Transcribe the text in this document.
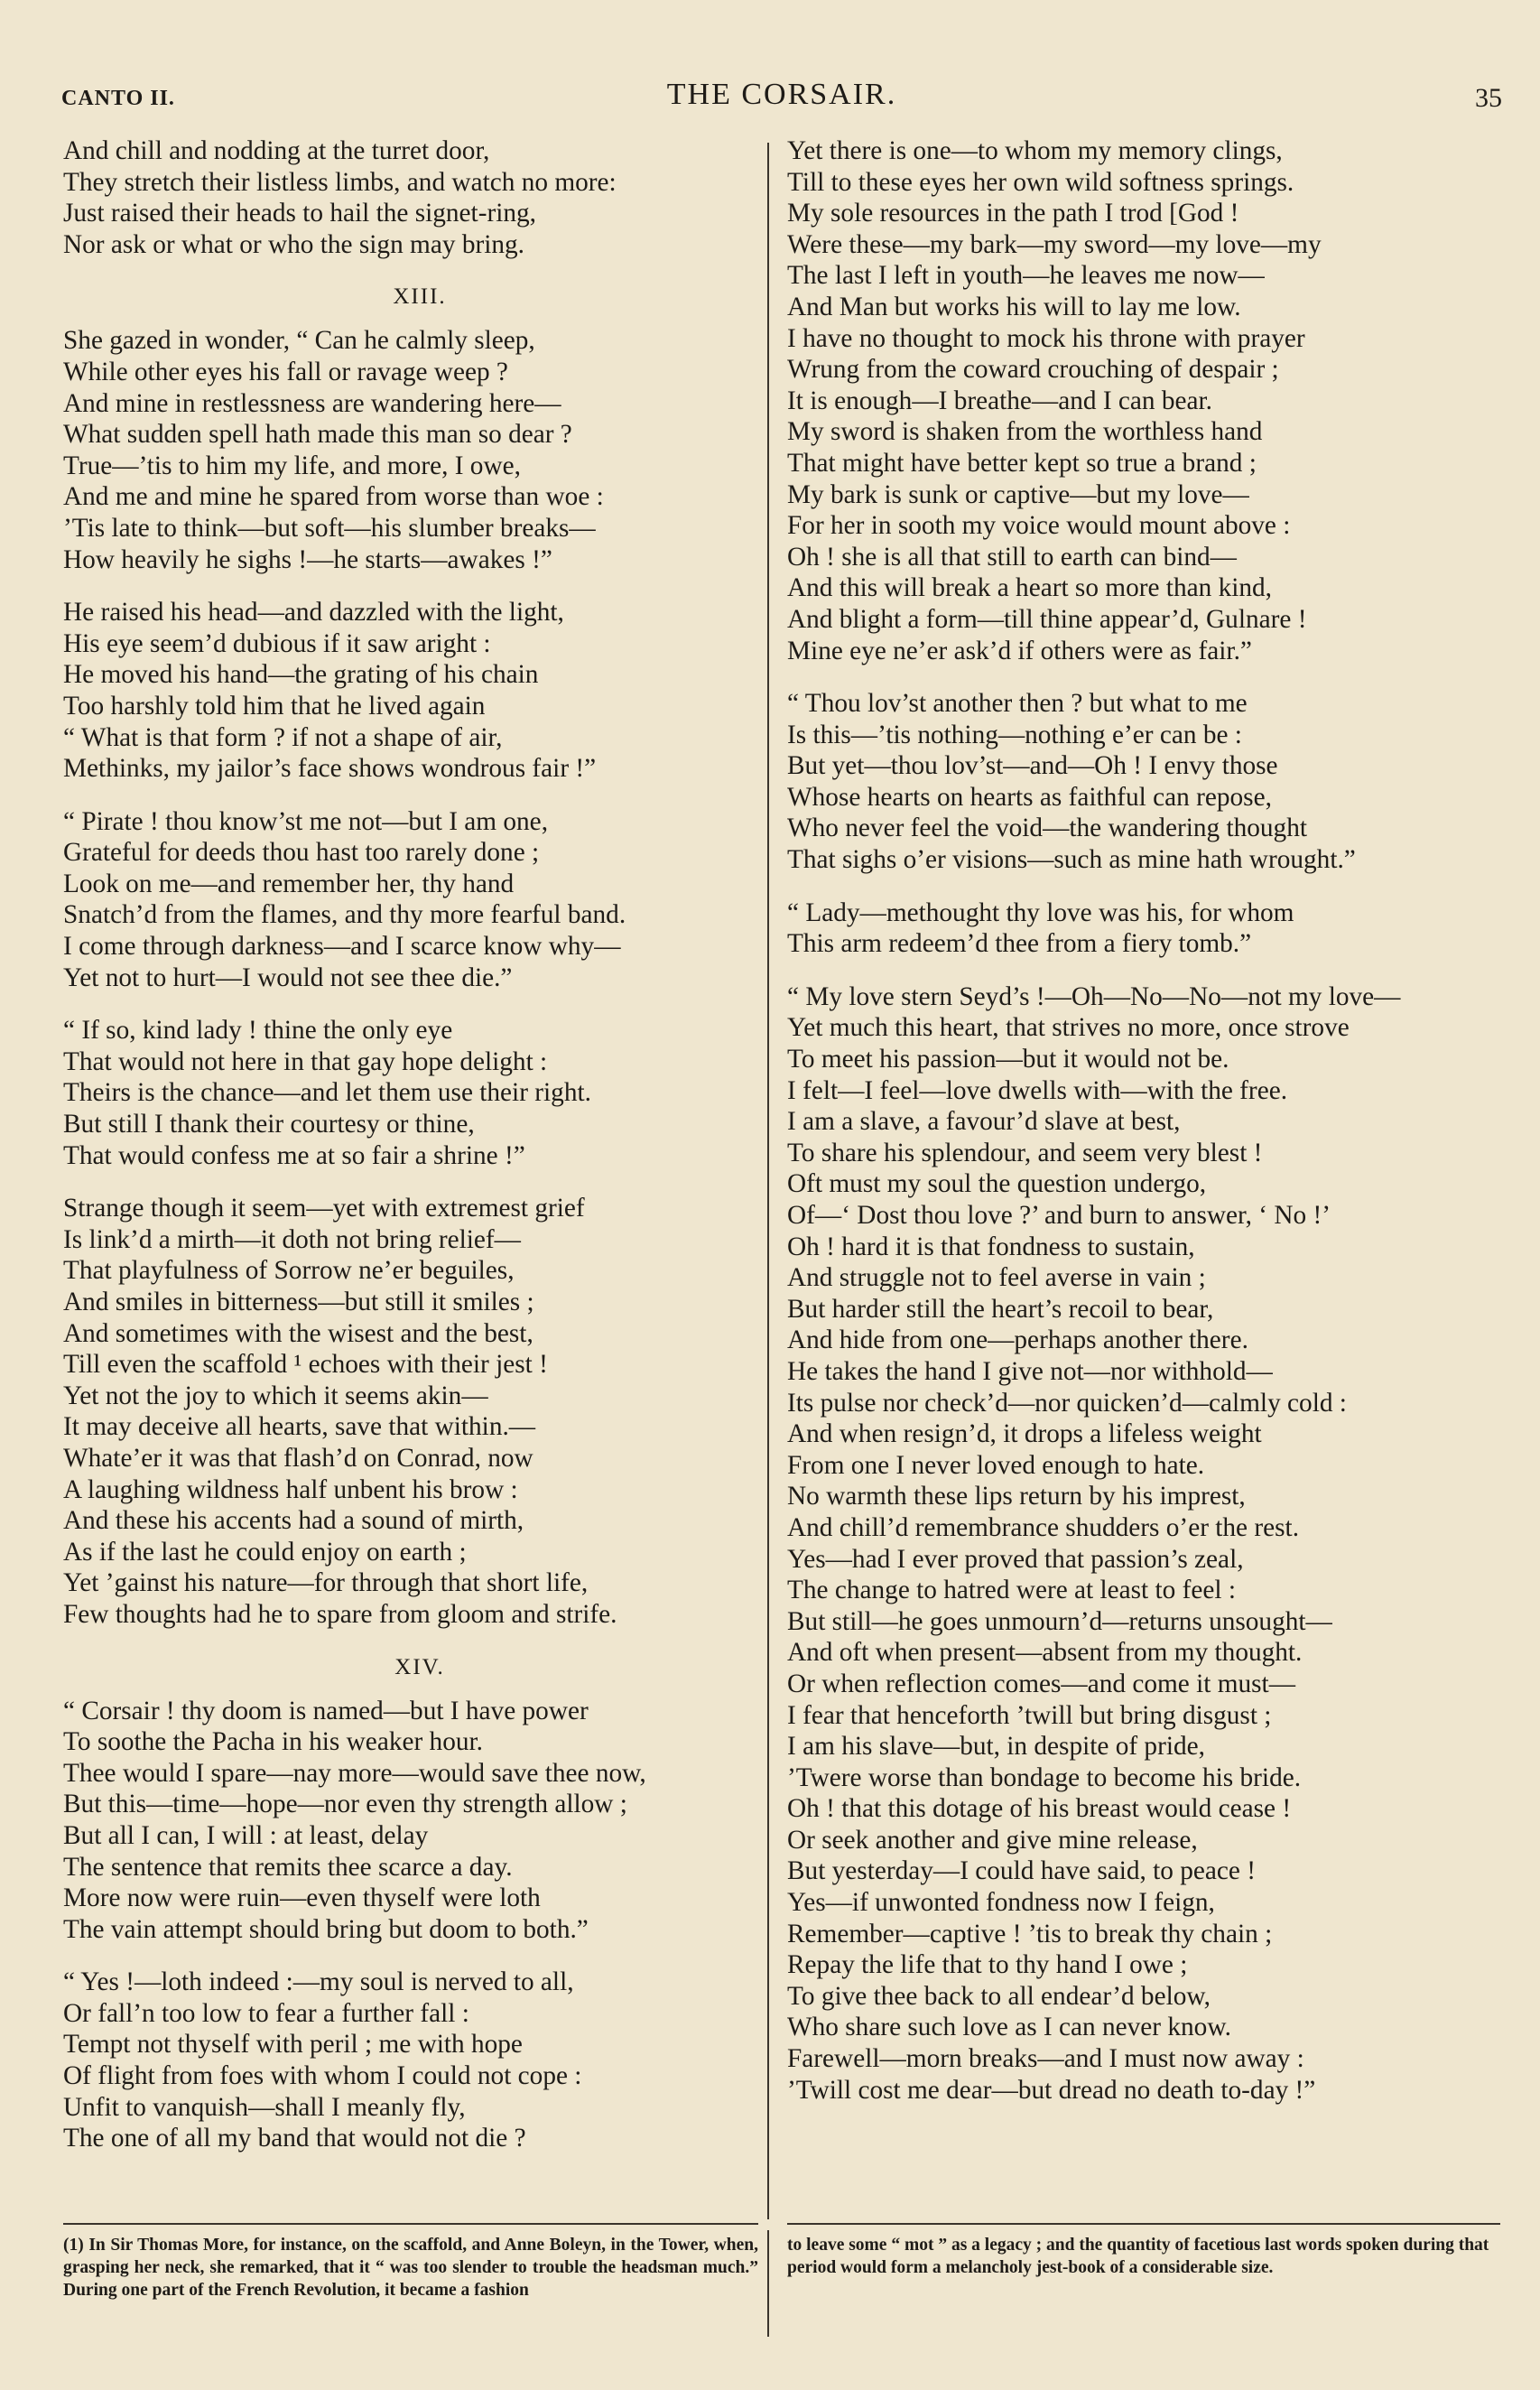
CANTO II.	THE CORSAIR.	35
And chill and nodding at the turret door,
They stretch their listless limbs, and watch no more:
Just raised their heads to hail the signet-ring,
Nor ask or what or who the sign may bring.
XIII.
She gazed in wonder, “ Can he calmly sleep,
While other eyes his fall or ravage weep ?
And mine in restlessness are wandering here—
What sudden spell hath made this man so dear ?
True—’tis to him my life, and more, I owe,
And me and mine he spared from worse than woe :
’Tis late to think—but soft—his slumber breaks—
How heavily he sighs !—he starts—awakes !”
He raised his head—and dazzled with the light,
His eye seem’d dubious if it saw aright :
He moved his hand—the grating of his chain
Too harshly told him that he lived again
“ What is that form ? if not a shape of air,
Methinks, my jailor’s face shows wondrous fair !”
“ Pirate ! thou know’st me not—but I am one,
Grateful for deeds thou hast too rarely done ;
Look on me—and remember her, thy hand
Snatch’d from the flames, and thy more fearful band.
I come through darkness—and I scarce know why—
Yet not to hurt—I would not see thee die.”
“ If so, kind lady ! thine the only eye
That would not here in that gay hope delight :
Theirs is the chance—and let them use their right.
But still I thank their courtesy or thine,
That would confess me at so fair a shrine !”
Strange though it seem—yet with extremest grief
Is link’d a mirth—it doth not bring relief—
That playfulness of Sorrow ne’er beguiles,
And smiles in bitterness—but still it smiles ;
And sometimes with the wisest and the best,
Till even the scaffold ¹ echoes with their jest !
Yet not the joy to which it seems akin—
It may deceive all hearts, save that within.—
Whate’er it was that flash’d on Conrad, now
A laughing wildness half unbent his brow :
And these his accents had a sound of mirth,
As if the last he could enjoy on earth ;
Yet ’gainst his nature—for through that short life,
Few thoughts had he to spare from gloom and strife.
XIV.
“ Corsair ! thy doom is named—but I have power
To soothe the Pacha in his weaker hour.
Thee would I spare—nay more—would save thee now,
But this—time—hope—nor even thy strength allow ;
But all I can, I will : at least, delay
The sentence that remits thee scarce a day.
More now were ruin—even thyself were loth
The vain attempt should bring but doom to both.”
“ Yes !—loth indeed :—my soul is nerved to all,
Or fall’n too low to fear a further fall :
Tempt not thyself with peril ; me with hope
Of flight from foes with whom I could not cope :
Unfit to vanquish—shall I meanly fly,
The one of all my band that would not die ?
Yet there is one—to whom my memory clings,
Till to these eyes her own wild softness springs.
My sole resources in the path I trod [God !
Were these—my bark—my sword—my love—my
The last I left in youth—he leaves me now—
And Man but works his will to lay me low.
I have no thought to mock his throne with prayer
Wrung from the coward crouching of despair ;
It is enough—I breathe—and I can bear.
My sword is shaken from the worthless hand
That might have better kept so true a brand ;
My bark is sunk or captive—but my love—
For her in sooth my voice would mount above :
Oh ! she is all that still to earth can bind—
And this will break a heart so more than kind,
And blight a form—till thine appear’d, Gulnare !
Mine eye ne’er ask’d if others were as fair.”
“ Thou lov’st another then ? but what to me
Is this—’tis nothing—nothing e’er can be :
But yet—thou lov’st—and—Oh ! I envy those
Whose hearts on hearts as faithful can repose,
Who never feel the void—the wandering thought
That sighs o’er visions—such as mine hath wrought.”
“ Lady—methought thy love was his, for whom
This arm redeem’d thee from a fiery tomb.”
“ My love stern Seyd’s !—Oh—No—No—not my love—
Yet much this heart, that strives no more, once strove
To meet his passion—but it would not be.
I felt—I feel—love dwells with—with the free.
I am a slave, a favour’d slave at best,
To share his splendour, and seem very blest !
Oft must my soul the question undergo,
Of—‘ Dost thou love ?’ and burn to answer, ‘ No !’
Oh ! hard it is that fondness to sustain,
And struggle not to feel averse in vain ;
But harder still the heart’s recoil to bear,
And hide from one—perhaps another there.
He takes the hand I give not—nor withhold—
Its pulse nor check’d—nor quicken’d—calmly cold :
And when resign’d, it drops a lifeless weight
From one I never loved enough to hate.
No warmth these lips return by his imprest,
And chill’d remembrance shudders o’er the rest.
Yes—had I ever proved that passion’s zeal,
The change to hatred were at least to feel :
But still—he goes unmourn’d—returns unsought—
And oft when present—absent from my thought.
Or when reflection comes—and come it must—
I fear that henceforth ’twill but bring disgust ;
I am his slave—but, in despite of pride,
’Twere worse than bondage to become his bride.
Oh ! that this dotage of his breast would cease !
Or seek another and give mine release,
But yesterday—I could have said, to peace !
Yes—if unwonted fondness now I feign,
Remember—captive ! ’tis to break thy chain ;
Repay the life that to thy hand I owe ;
To give thee back to all endear’d below,
Who share such love as I can never know.
Farewell—morn breaks—and I must now away :
’Twill cost me dear—but dread no death to-day !”
(1) In Sir Thomas More, for instance, on the scaffold, and Anne Boleyn, in the Tower, when, grasping her neck, she remarked, that it “ was too slender to trouble the headsman much.” During one part of the French Revolution, it became a fashion
to leave some “ mot ” as a legacy ; and the quantity of facetious last words spoken during that period would form a melancholy jest-book of a considerable size.
